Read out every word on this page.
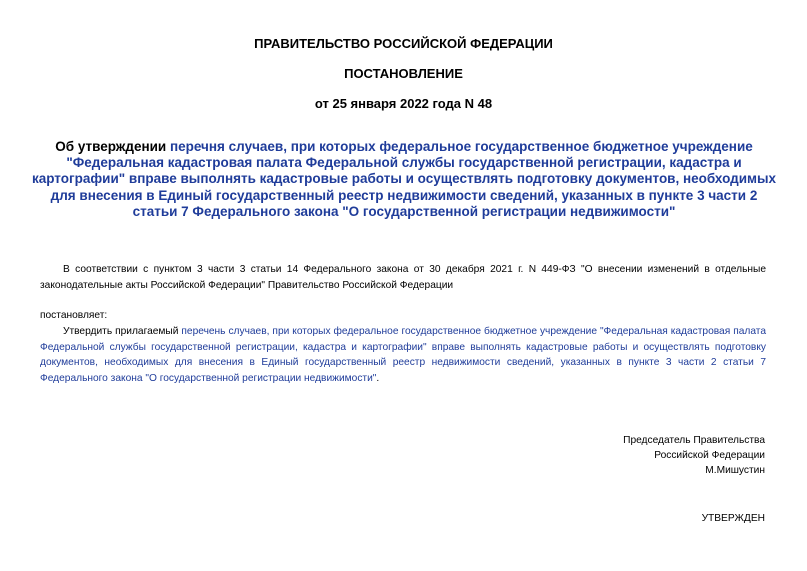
ПРАВИТЕЛЬСТВО РОССИЙСКОЙ ФЕДЕРАЦИИ
ПОСТАНОВЛЕНИЕ
от 25 января 2022 года N 48
Об утверждении перечня случаев, при которых федеральное государственное бюджетное учреждение "Федеральная кадастровая палата Федеральной службы государственной регистрации, кадастра и картографии" вправе выполнять кадастровые работы и осуществлять подготовку документов, необходимых для внесения в Единый государственный реестр недвижимости сведений, указанных в пункте 3 части 2 статьи 7 Федерального закона "О государственной регистрации недвижимости"
В соответствии с пунктом 3 части 3 статьи 14 Федерального закона от 30 декабря 2021 г. N 449-ФЗ "О внесении изменений в отдельные законодательные акты Российской Федерации" Правительство Российской Федерации
постановляет:
Утвердить прилагаемый перечень случаев, при которых федеральное государственное бюджетное учреждение "Федеральная кадастровая палата Федеральной службы государственной регистрации, кадастра и картографии" вправе выполнять кадастровые работы и осуществлять подготовку документов, необходимых для внесения в Единый государственный реестр недвижимости сведений, указанных в пункте 3 части 2 статьи 7 Федерального закона "О государственной регистрации недвижимости".
Председатель Правительства
Российской Федерации
М.Мишустин
УТВЕРЖДЕН
